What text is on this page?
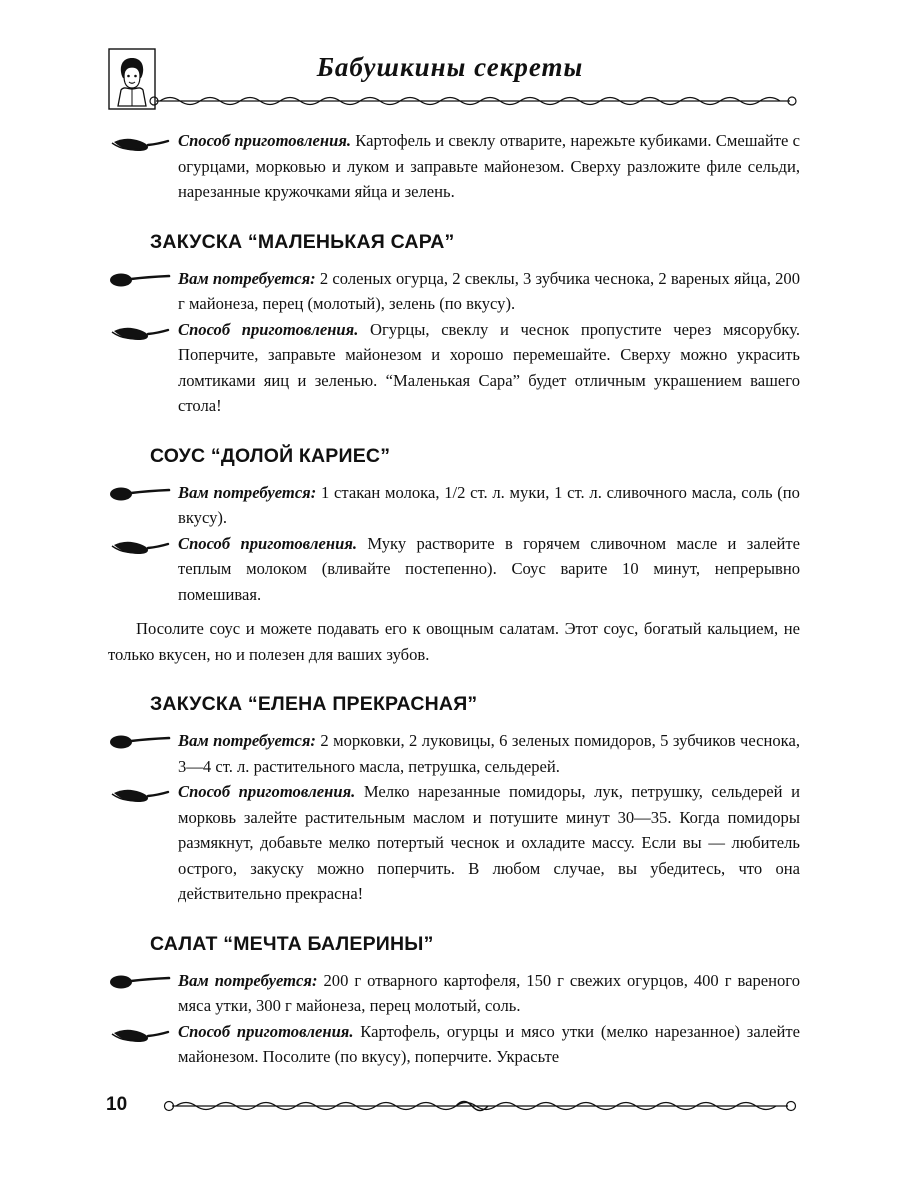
Бабушкины секреты

Способ приготовления. Картофель и свеклу отварите, нарежьте кубиками. Смешайте с огурцами, морковью и луком и заправьте майонезом. Сверху разложите филе сельди, нарезанные кружочками яйца и зелень.

ЗАКУСКА “МАЛЕНЬКАЯ САРА”

Вам потребуется: 2 соленых огурца, 2 свеклы, 3 зубчика чеснока, 2 вареных яйца, 200 г майонеза, перец (молотый), зелень (по вкусу).

Способ приготовления. Огурцы, свеклу и чеснок пропустите через мясорубку. Поперчите, заправьте майонезом и хорошо перемешайте. Сверху можно украсить ломтиками яиц и зеленью. “Маленькая Сара” будет отличным украшением вашего стола!

СОУС “ДОЛОЙ КАРИЕС”

Вам потребуется: 1 стакан молока, 1/2 ст. л. муки, 1 ст. л. сливочного масла, соль (по вкусу).

Способ приготовления. Муку растворите в горячем сливочном масле и залейте теплым молоком (вливайте постепенно). Соус варите 10 минут, непрерывно помешивая.

Посолите соус и можете подавать его к овощным салатам. Этот соус, богатый кальцием, не только вкусен, но и полезен для ваших зубов.

ЗАКУСКА “ЕЛЕНА ПРЕКРАСНАЯ”

Вам потребуется: 2 морковки, 2 луковицы, 6 зеленых помидоров, 5 зубчиков чеснока, 3—4 ст. л. растительного масла, петрушка, сельдерей.

Способ приготовления. Мелко нарезанные помидоры, лук, петрушку, сельдерей и морковь залейте растительным маслом и потушите минут 30—35. Когда помидоры размякнут, добавьте мелко потертый чеснок и охладите массу. Если вы — любитель острого, закуску можно поперчить. В любом случае, вы убедитесь, что она действительно прекрасна!

САЛАТ “МЕЧТА БАЛЕРИНЫ”

Вам потребуется: 200 г отварного картофеля, 150 г свежих огурцов, 400 г вареного мяса утки, 300 г майонеза, перец молотый, соль.

Способ приготовления. Картофель, огурцы и мясо утки (мелко нарезанное) залейте майонезом. Посолите (по вкусу), поперчите. Украсьте

10
